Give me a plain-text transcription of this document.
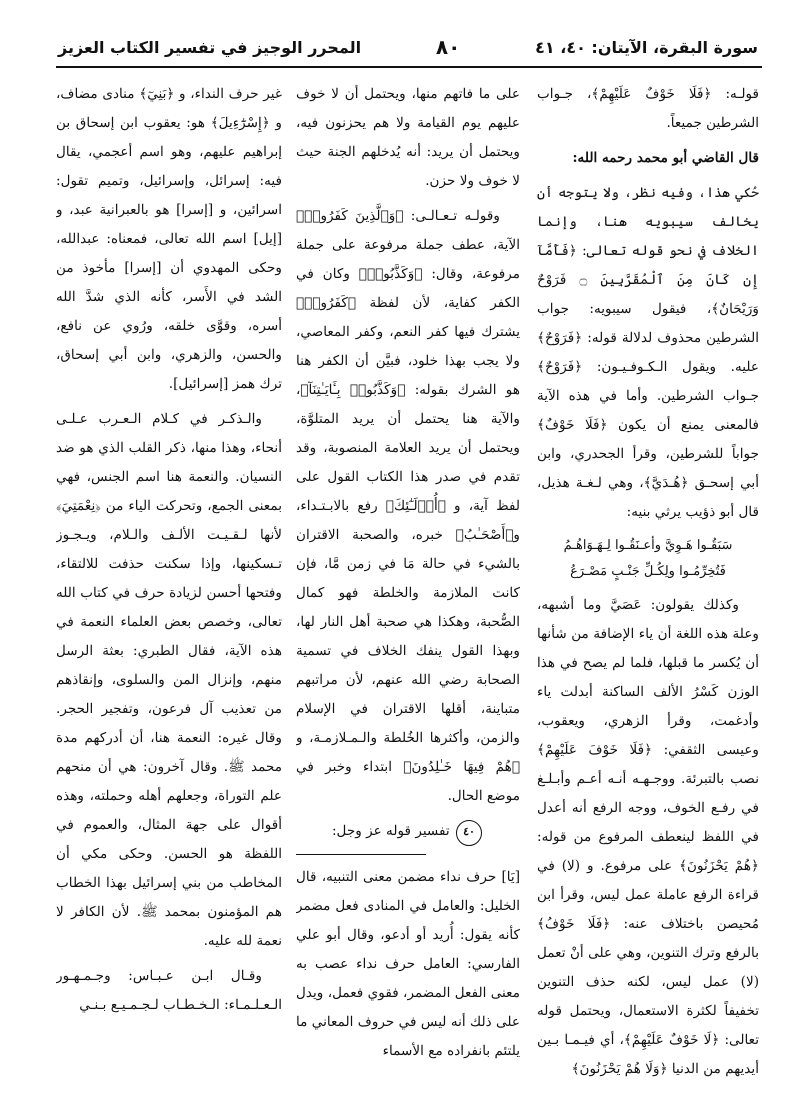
سورة البقرة، الآيتان: ٤٠، ٤١
٨٠
المحرر الوجيز في تفسير الكتاب العزيز

قولـه: ﴿فَلَا خَوْفٌ عَلَيْهِمْ﴾، جـواب الشرطين جميعاً.

قال القاضي أبو محمد رحمه الله:

حُكي هذا، وفيه نظر، ولا يتوجه أن يخالف سيبويه هنا، وإنما الخلاف في نحو قوله تعالى: ﴿فَأَمَّآ إِن كَانَ مِنَ ٱلْمُقَرَّبِينَ ۝ فَرَوْحٌ وَرَيْحَانٌ﴾، فيقول سيبويه: جواب الشرطين محذوف لدلالة قوله: ﴿فَرَوْحٌ﴾ عليه. ويقول الـكـوفـيـون: ﴿فَرَوْحٌ﴾ جـواب الشرطين. وأما في هذه الآية فالمعنى يمنع أن يكون ﴿فَلَا خَوْفٌ﴾ جواباً للشرطين، وقرأ الجحدري، وابن أبي إسحـق ﴿هُـدَيَّ﴾، وهي لـغـة هذيل، قال أبو ذؤيب يرثي بنيه:

سَبَقُـوا هَـوِيَّ وأعـنَقُـوا لِـهَـوَاهُـمُ

فَتُخِرِّمُـوا ولِكُـلِّ جَنْـبٍ مَصْـرَعُ

وكذلك يقولون: عَصَيَّ وما أشبهه، وعلة هذه اللغة أن ياء الإضافة من شأنها أن يُكسر ما قبلها، فلما لم يصح في هذا الوزن كَسْرُ الألف الساكنة أبدلت ياء وأدغمت، وقرأ الزهري، ويعقوب، وعيسى الثقفي: ﴿فَلَا خَوْفَ عَلَيْهِمْ﴾ نصب بالتبرئة. ووجـهـه أنـه أعـم وأبـلـغ في رفـع الخوف، ووجه الرفع أنه أعدل في اللفظ لينعطف المرفوع من قوله: ﴿هُمْ يَحْزَنُونَ﴾ على مرفوع. و (لا) في قراءة الرفع عاملة عمل ليس، وقرأ ابن مُحيصن باختلاف عنه: ﴿فَلَا خَوْفُ﴾ بالرفع وترك التنوين، وهي على أنْ تعمل (لا) عمل ليس، لكنه حذف التنوين تخفيفاً لكثرة الاستعمال، ويحتمل قوله تعالى: ﴿لَا خَوْفٌ عَلَيْهِمْ﴾، أي فيـمـا بـين أيديهم من الدنيا ﴿وَلَا هُمْ يَحْزَنُونَ﴾

على ما فاتهم منها، ويحتمل أن لا خوف عليهم يوم القيامة ولا هم يحزنون فيه، ويحتمل أن يريد: أنه يُدخلهم الجنة حيث لا خوف ولا حزن.

وقولـه تـعـالـى: ﴿وَٱلَّذِينَ كَفَرُوا۟﴾ الآية، عطف جملة مرفوعة على جملة مرفوعة، وقال: ﴿وَكَذَّبُوا۟﴾ وكان في الكفر كفاية، لأن لفظة ﴿كَفَرُوا۟﴾ يشترك فيها كفر النعم، وكفر المعاصي، ولا يجب بهذا خلود، فبيَّن أن الكفر هنا هو الشرك بقوله: ﴿وَكَذَّبُوا۟ بِـَٔايَـٰتِنَآ﴾، والآية هنا يحتمل أن يريد المتلوَّة، ويحتمل أن يريد العلامة المنصوبة، وقد تقدم في صدر هذا الكتاب القول على لفظ آية، و ﴿أُو۟لَـٰٓئِكَ﴾ رفع بالابـتـداء، و﴿أَصْحَـٰبُ﴾ خبره، والصحبة الاقتران بالشيء في حالة مَا في زمن مَّا، فإن كانت الملازمة والخلطة فهو كمال الصُّحبة، وهكذا هي صحبة أهل النار لها، وبهذا القول ينفك الخلاف في تسمية الصحابة رضي الله عنهم، لأن مراتبهم متباينة، أقلها الاقتران في الإسلام والزمن، وأكثرها الخُلطة والـمـلازمـة، و ﴿هُمْ فِيهَا خَـٰلِدُونَ﴾ ابتداء وخبر في موضع الحال.

٤٠ تفسير قوله عز وجل:

[يَا] حرف نداء مضمن معنى التنبيه، قال الخليل: والعامل في المنادى فعل مضمر كأنه يقول: أُريد أو أدعو، وقال أبو علي الفارسي: العامل حرف نداء عصب به معنى الفعل المضمر، فقوي فعمل، ويدل على ذلك أنه ليس في حروف المعاني ما يلتئم بانفراده مع الأسماء

غير حرف النداء، و ﴿بَنِيٓ﴾ منادى مضاف، و ﴿إِسْرَٰٓءِيلَ﴾ هو: يعقوب ابن إسحاق بن إبراهيم عليهم، وهو اسم أعجمي، يقال فيه: إسرائل، وإسرائيل، وتميم تقول: اسرائين، و [إسرا] هو بالعبرانية عبد، و [إيل] اسم الله تعالى، فمعناه: عبدالله، وحكى المهدوي أن [إسرا] مأخوذ من الشد في الأَسر، كأنه الذي شدَّ الله أسره، وقوَّى خلقه، ورُوي عن نافع، والحسن، والزهري، وابن أبي إسحاق، ترك همز [إسرائيل].

والـذكـر في كـلام الـعـرب عـلـى أنحاء، وهذا منها، ذكر القلب الذي هو ضد النسيان. والنعمة هنا اسم الجنس، فهي بمعنى الجمع، وتحركت الياء من ﴿نِعْمَتِيَ﴾ لأنها لـقـيـت الألـف والـلام، ويـجـوز تـسكينها، وإذا سكنت حذفت للالتقاء، وفتحها أحسن لزيادة حرف في كتاب الله تعالى، وخصص بعض العلماء النعمة في هذه الآية، فقال الطبري: بعثة الرسل منهم، وإنزال المن والسلوى، وإنقاذهم من تعذيب آل فرعون، وتفجير الحجر. وقال غيره: النعمة هنا، أن أدركهم مدة محمد ﷺ. وقال آخرون: هي أن منحهم علم التوراة، وجعلهم أهله وحملته، وهذه أقوال على جهة المثال، والعموم في اللفظة هو الحسن. وحكى مكي أن المخاطب من بني إسرائيل بهذا الخطاب هم المؤمنون بمحمد ﷺ. لأن الكافر لا نعمة لله عليه.

وقـال ابـن عـبـاس: وجـمـهـور الـعـلـمـاء: الـخـطـاب لـجـمـيـع بـنـي
